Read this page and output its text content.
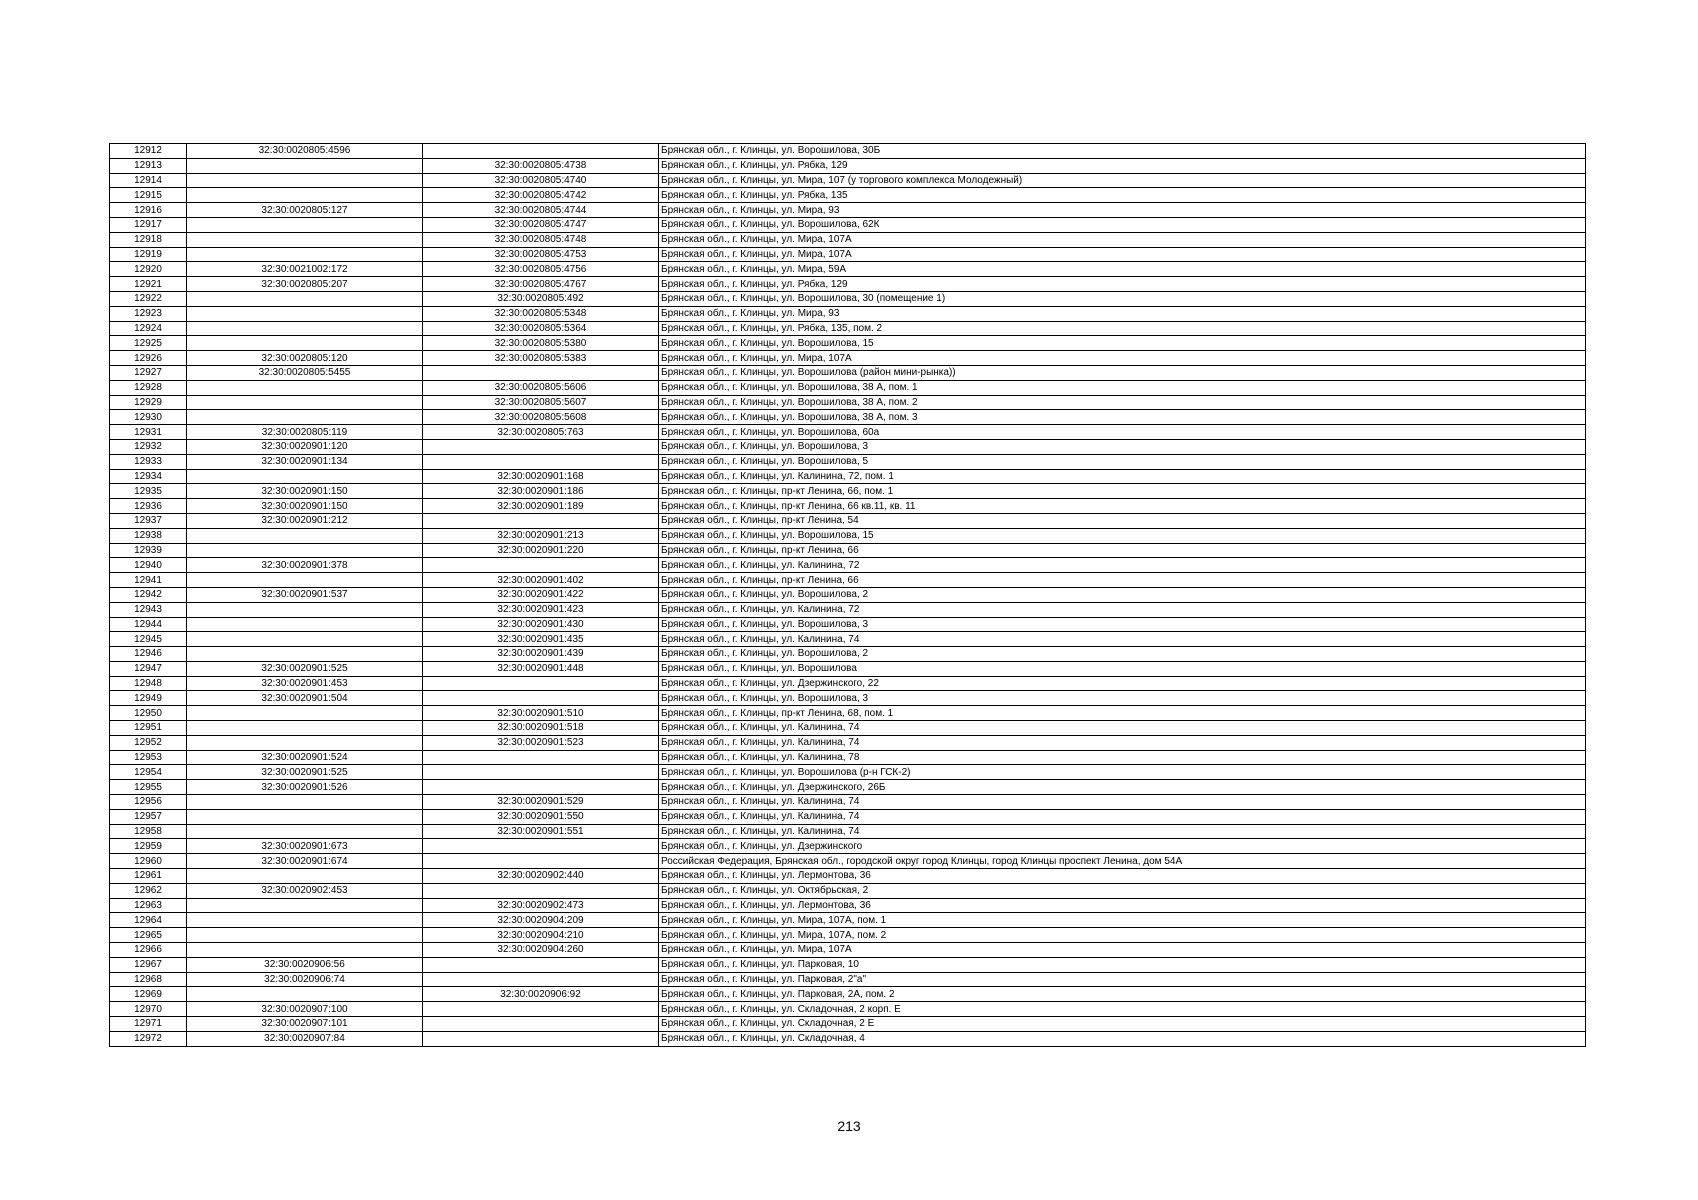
12912	32:30:0020805:4596		Брянская обл., г. Клинцы, ул. Ворошилова, 30Б
12913		32:30:0020805:4738	Брянская обл., г. Клинцы, ул. Рябка, 129
12914		32:30:0020805:4740	Брянская обл., г. Клинцы, ул. Мира, 107 (у торгового комплекса Молодежный)
12915		32:30:0020805:4742	Брянская обл., г. Клинцы, ул. Рябка, 135
12916	32:30:0020805:127	32:30:0020805:4744	Брянская обл., г. Клинцы, ул. Мира, 93
12917		32:30:0020805:4747	Брянская обл., г. Клинцы, ул. Ворошилова, 62К
12918		32:30:0020805:4748	Брянская обл., г. Клинцы, ул. Мира, 107А
12919		32:30:0020805:4753	Брянская обл., г. Клинцы, ул. Мира, 107А
12920	32:30:0021002:172	32:30:0020805:4756	Брянская обл., г. Клинцы, ул. Мира, 59А
12921	32:30:0020805:207	32:30:0020805:4767	Брянская обл., г. Клинцы, ул. Рябка, 129
12922		32:30:0020805:492	Брянская обл., г. Клинцы, ул. Ворошилова, 30 (помещение 1)
12923		32:30:0020805:5348	Брянская обл., г. Клинцы, ул. Мира, 93
12924		32:30:0020805:5364	Брянская обл., г. Клинцы, ул. Рябка, 135, пом. 2
12925		32:30:0020805:5380	Брянская обл., г. Клинцы, ул. Ворошилова, 15
12926	32:30:0020805:120	32:30:0020805:5383	Брянская обл., г. Клинцы, ул. Мира, 107А
12927	32:30:0020805:5455		Брянская обл., г. Клинцы, ул. Ворошилова (район мини-рынка))
12928		32:30:0020805:5606	Брянская обл., г. Клинцы, ул. Ворошилова, 38 А, пом. 1
12929		32:30:0020805:5607	Брянская обл., г. Клинцы, ул. Ворошилова, 38 А, пом. 2
12930		32:30:0020805:5608	Брянская обл., г. Клинцы, ул. Ворошилова, 38 А, пом. 3
12931	32:30:0020805:119	32:30:0020805:763	Брянская обл., г. Клинцы, ул. Ворошилова, 60а
12932	32:30:0020901:120		Брянская обл., г. Клинцы, ул. Ворошилова, 3
12933	32:30:0020901:134		Брянская обл., г. Клинцы, ул. Ворошилова, 5
12934		32:30:0020901:168	Брянская обл., г. Клинцы, ул. Калинина, 72, пом. 1
12935	32:30:0020901:150	32:30:0020901:186	Брянская обл., г. Клинцы, пр-кт Ленина, 66, пом. 1
12936	32:30:0020901:150	32:30:0020901:189	Брянская обл., г. Клинцы, пр-кт Ленина, 66 кв.11, кв. 11
12937	32:30:0020901:212		Брянская обл., г. Клинцы, пр-кт Ленина, 54
12938		32:30:0020901:213	Брянская обл., г. Клинцы, ул. Ворошилова, 15
12939		32:30:0020901:220	Брянская обл., г. Клинцы, пр-кт Ленина, 66
12940	32:30:0020901:378		Брянская обл., г. Клинцы, ул. Калинина, 72
12941		32:30:0020901:402	Брянская обл., г. Клинцы, пр-кт Ленина, 66
12942	32:30:0020901:537	32:30:0020901:422	Брянская обл., г. Клинцы, ул. Ворошилова, 2
12943		32:30:0020901:423	Брянская обл., г. Клинцы, ул. Калинина, 72
12944		32:30:0020901:430	Брянская обл., г. Клинцы, ул. Ворошилова, 3
12945		32:30:0020901:435	Брянская обл., г. Клинцы, ул. Калинина, 74
12946		32:30:0020901:439	Брянская обл., г. Клинцы, ул. Ворошилова, 2
12947	32:30:0020901:525	32:30:0020901:448	Брянская обл., г. Клинцы, ул. Ворошилова
12948	32:30:0020901:453		Брянская обл., г. Клинцы, ул. Дзержинского, 22
12949	32:30:0020901:504		Брянская обл., г. Клинцы, ул. Ворошилова, 3
12950		32:30:0020901:510	Брянская обл., г. Клинцы, пр-кт Ленина, 68, пом. 1
12951		32:30:0020901:518	Брянская обл., г. Клинцы, ул. Калинина, 74
12952		32:30:0020901:523	Брянская обл., г. Клинцы, ул. Калинина, 74
12953	32:30:0020901:524		Брянская обл., г. Клинцы, ул. Калинина, 78
12954	32:30:0020901:525		Брянская обл., г. Клинцы, ул. Ворошилова (р-н ГСК-2)
12955	32:30:0020901:526		Брянская обл., г. Клинцы, ул. Дзержинского, 26Б
12956		32:30:0020901:529	Брянская обл., г. Клинцы, ул. Калинина, 74
12957		32:30:0020901:550	Брянская обл., г. Клинцы, ул. Калинина, 74
12958		32:30:0020901:551	Брянская обл., г. Клинцы, ул. Калинина, 74
12959	32:30:0020901:673		Брянская обл., г. Клинцы, ул. Дзержинского
12960	32:30:0020901:674		Российская Федерация, Брянская обл., городской округ город Клинцы, город Клинцы проспект Ленина, дом 54А
12961		32:30:0020902:440	Брянская обл., г. Клинцы, ул. Лермонтова, 36
12962	32:30:0020902:453		Брянская обл., г. Клинцы, ул. Октябрьская, 2
12963		32:30:0020902:473	Брянская обл., г. Клинцы, ул. Лермонтова, 36
12964		32:30:0020904:209	Брянская обл., г. Клинцы, ул. Мира, 107А, пом. 1
12965		32:30:0020904:210	Брянская обл., г. Клинцы, ул. Мира, 107А, пом. 2
12966		32:30:0020904:260	Брянская обл., г. Клинцы, ул. Мира, 107А
12967	32:30:0020906:56		Брянская обл., г. Клинцы, ул. Парковая, 10
12968	32:30:0020906:74		Брянская обл., г. Клинцы, ул. Парковая, 2"а"
12969		32:30:0020906:92	Брянская обл., г. Клинцы, ул. Парковая, 2А, пом. 2
12970	32:30:0020907:100		Брянская обл., г. Клинцы, ул. Складочная, 2 корп. Е
12971	32:30:0020907:101		Брянская обл., г. Клинцы, ул. Складочная, 2 Е
12972	32:30:0020907:84		Брянская обл., г. Клинцы, ул. Складочная, 4
213
